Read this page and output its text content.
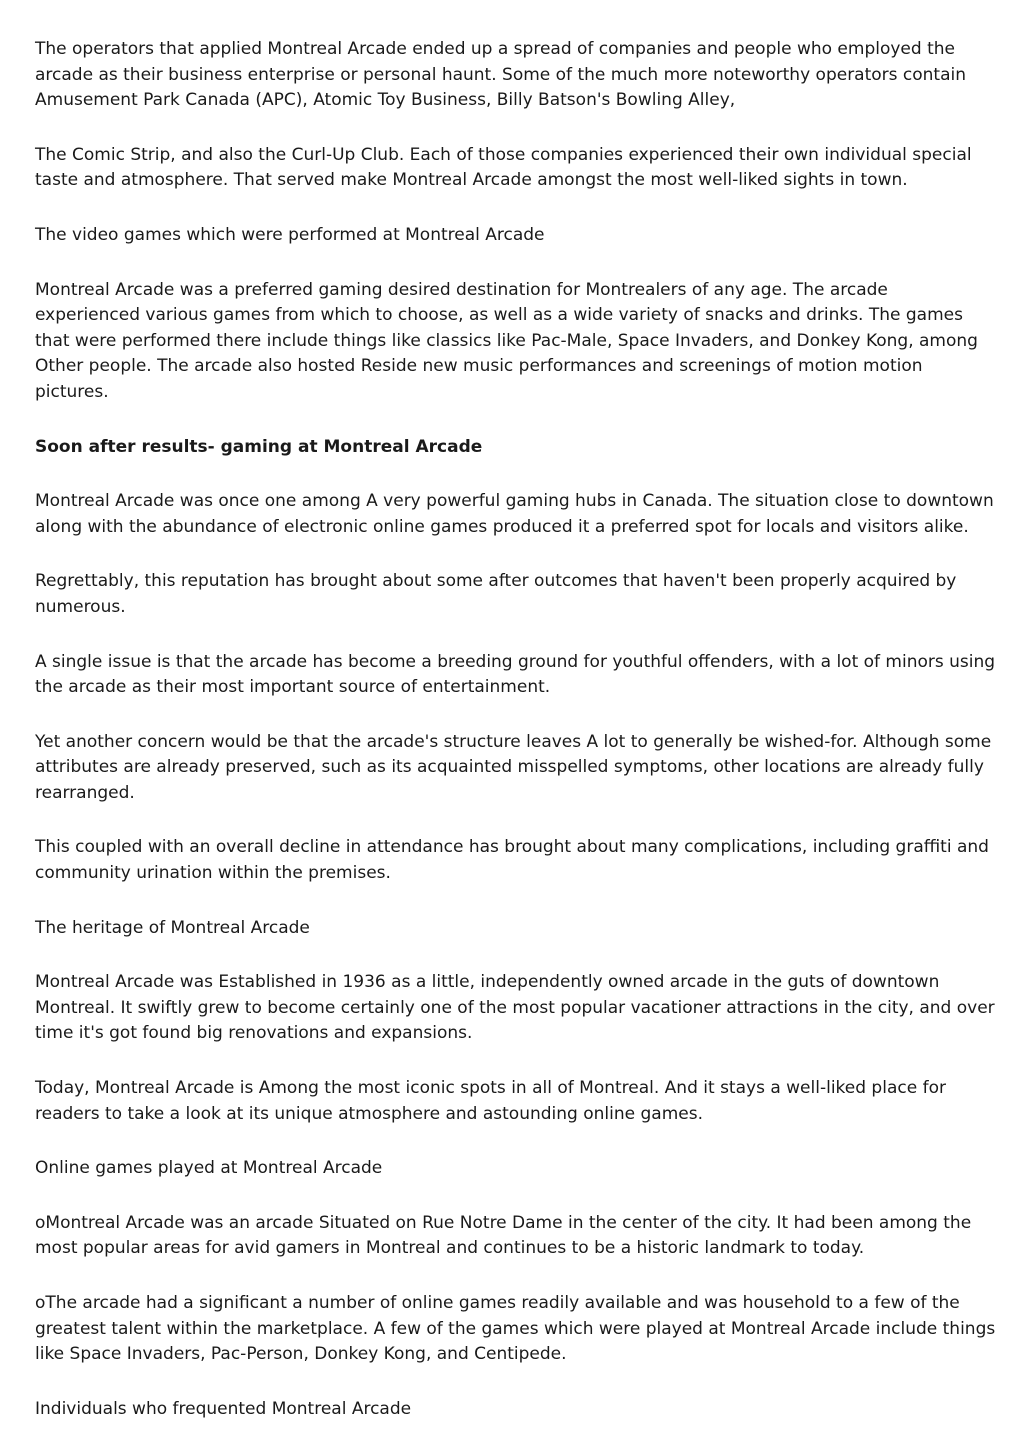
The operators that applied Montreal Arcade ended up a spread of companies and people who employed the arcade as their business enterprise or personal haunt. Some of the much more noteworthy operators contain Amusement Park Canada (APC), Atomic Toy Business, Billy Batson's Bowling Alley,

The Comic Strip, and also the Curl-Up Club. Each of those companies experienced their own individual special taste and atmosphere. That served make Montreal Arcade amongst the most well-liked sights in town.

The video games which were performed at Montreal Arcade

Montreal Arcade was a preferred gaming desired destination for Montrealers of any age. The arcade experienced various games from which to choose, as well as a wide variety of snacks and drinks. The games that were performed there include things like classics like Pac-Male, Space Invaders, and Donkey Kong, among Other people. The arcade also hosted Reside new music performances and screenings of motion motion pictures.

Soon after results- gaming at Montreal Arcade

Montreal Arcade was once one among A very powerful gaming hubs in Canada. The situation close to downtown along with the abundance of electronic online games produced it a preferred spot for locals and visitors alike.

Regrettably, this reputation has brought about some after outcomes that haven't been properly acquired by numerous.

A single issue is that the arcade has become a breeding ground for youthful offenders, with a lot of minors using the arcade as their most important source of entertainment.

Yet another concern would be that the arcade's structure leaves A lot to generally be wished-for. Although some attributes are already preserved, such as its acquainted misspelled symptoms, other locations are already fully rearranged.

This coupled with an overall decline in attendance has brought about many complications, including graffiti and community urination within the premises.

The heritage of Montreal Arcade

Montreal Arcade was Established in 1936 as a little, independently owned arcade in the guts of downtown Montreal. It swiftly grew to become certainly one of the most popular vacationer attractions in the city, and over time it's got found big renovations and expansions.

Today, Montreal Arcade is Among the most iconic spots in all of Montreal. And it stays a well-liked place for readers to take a look at its unique atmosphere and astounding online games.

Online games played at Montreal Arcade

oMontreal Arcade was an arcade Situated on Rue Notre Dame in the center of the city. It had been among the most popular areas for avid gamers in Montreal and continues to be a historic landmark to today.

oThe arcade had a significant a number of online games readily available and was household to a few of the greatest talent within the marketplace. A few of the games which were played at Montreal Arcade include things like Space Invaders, Pac-Person, Donkey Kong, and Centipede.

Individuals who frequented Montreal Arcade
